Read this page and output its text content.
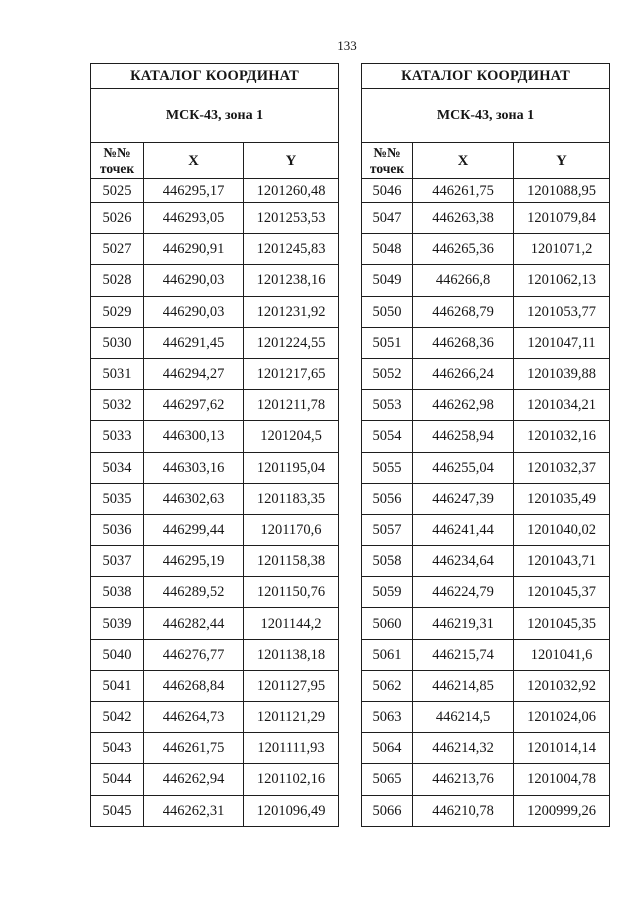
133
КАТАЛОГ КООРДИНАТ		
МСК-43, зона 1		

№№
точек	X	Y
5025	446295,17	1201260,48
5026	446293,05	1201253,53
5027	446290,91	1201245,83
5028	446290,03	1201238,16
5029	446290,03	1201231,92
5030	446291,45	1201224,55
5031	446294,27	1201217,65
5032	446297,62	1201211,78
5033	446300,13	1201204,5
5034	446303,16	1201195,04
5035	446302,63	1201183,35
5036	446299,44	1201170,6
5037	446295,19	1201158,38
5038	446289,52	1201150,76
5039	446282,44	1201144,2
5040	446276,77	1201138,18
5041	446268,84	1201127,95
5042	446264,73	1201121,29
5043	446261,75	1201111,93
5044	446262,94	1201102,16
5045	446262,31	1201096,49
КАТАЛОГ КООРДИНАТ		
МСК-43, зона 1		

№№
точек	X	Y
5046	446261,75	1201088,95
5047	446263,38	1201079,84
5048	446265,36	1201071,2
5049	446266,8	1201062,13
5050	446268,79	1201053,77
5051	446268,36	1201047,11
5052	446266,24	1201039,88
5053	446262,98	1201034,21
5054	446258,94	1201032,16
5055	446255,04	1201032,37
5056	446247,39	1201035,49
5057	446241,44	1201040,02
5058	446234,64	1201043,71
5059	446224,79	1201045,37
5060	446219,31	1201045,35
5061	446215,74	1201041,6
5062	446214,85	1201032,92
5063	446214,5	1201024,06
5064	446214,32	1201014,14
5065	446213,76	1201004,78
5066	446210,78	1200999,26
